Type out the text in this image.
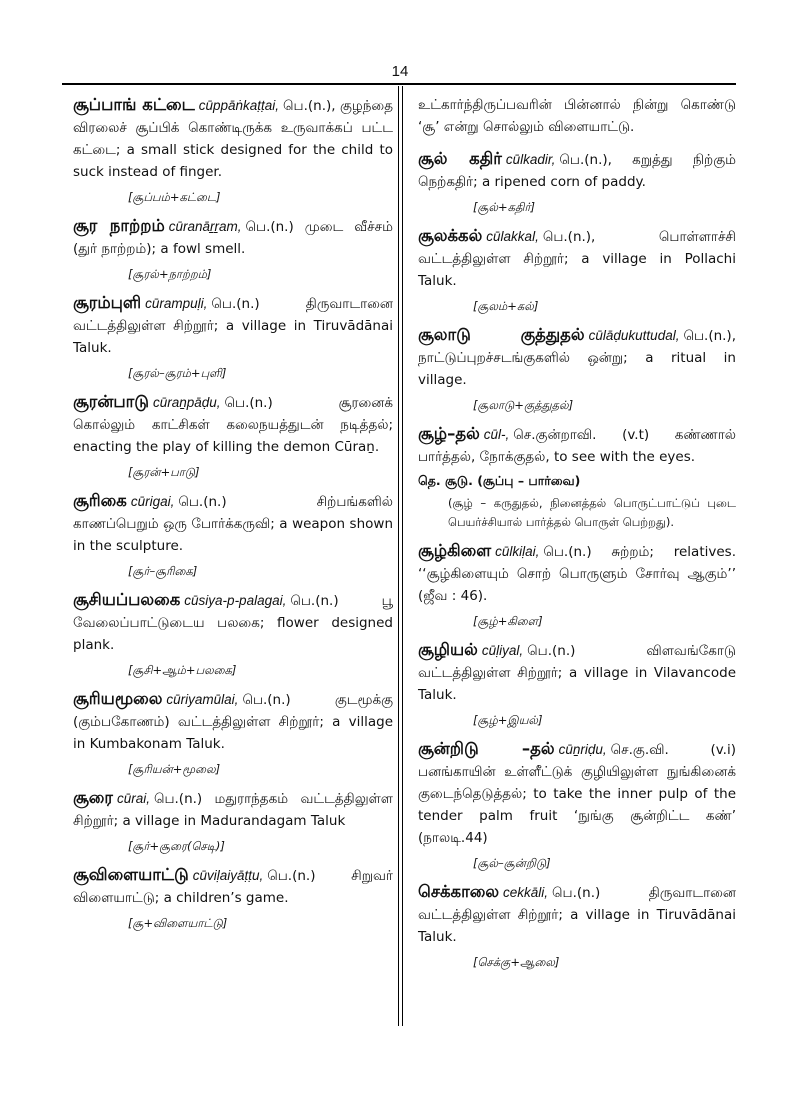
14
சூப்பாங் கட்டை cūppāṅkaṭṭai, பெ.(n.), குழந்தை விரலைச் சூப்பிக் கொண்டிருக்க உருவாக்கப் பட்ட கட்டை; a small stick designed for the child to suck instead of finger.
[சூப்பம்+கட்டை]
சூர நாற்றம் cūranāṟṟam, பெ.(n.) முடை வீச்சம் (துர் நாற்றம்); a fowl smell.
[சூரல்+நாற்றம்]
சூரம்புளி cūrampuḷi, பெ.(n.) திருவாடானை வட்டத்திலுள்ள சிற்றூர்; a village in Tiruvādānai Taluk.
[சூரல்–சூரம்+புளி]
சூரன்பாடு cūraṉpāḍu, பெ.(n.) சூரனைக் கொல்லும் காட்சிகள் கலைநயத்துடன் நடித்தல்; enacting the play of killing the demon Cūraṉ.
[சூரன்+பாடு]
சூரிகை cūrigai, பெ.(n.) சிற்பங்களில் காணப்பெறும் ஒரு போர்க்கருவி; a weapon shown in the sculpture.
[சூர்–சூரிகை]
சூசியப்பலகை cūsiya-p-palagai, பெ.(n.) பூ வேலைப்பாட்டுடைய பலகை; flower designed plank.
[சூசி+ஆம்+பலகை]
சூரியமூலை cūriyamūlai, பெ.(n.) குடமூக்கு (கும்பகோணம்) வட்டத்திலுள்ள சிற்றூர்; a village in Kumbakonam Taluk.
[சூரியன்+மூலை]
சூரை cūrai, பெ.(n.) மதுராந்தகம் வட்டத்திலுள்ள சிற்றூர்; a village in Madurandagam Taluk
[சூர்+சூரை(செடி)]
சூவிளையாட்டு cūviḷaiyāṭṭu, பெ.(n.) சிறுவர் விளையாட்டு; a children’s game.
[சூ+விளையாட்டு]
உட்கார்ந்திருப்பவரின் பின்னால் நின்று கொண்டு ‘சூ’ என்று சொல்லும் விளையாட்டு.
சூல் கதிர் cūlkadir, பெ.(n.), கறுத்து நிற்கும் நெற்கதிர்; a ripened corn of paddy.
[சூல்+கதிர்]
சூலக்கல் cūlakkal, பெ.(n.), பொள்ளாச்சி வட்டத்திலுள்ள சிற்றூர்; a village in Pollachi Taluk.
[சூலம்+கல்]
சூலாடு குத்துதல் cūlāḍukuttudal, பெ.(n.), நாட்டுப்புறச்சடங்குகளில் ஒன்று; a ritual in village.
[சூலாடு+குத்துதல்]
சூழ்–தல் cūl-, செ.குன்றாவி. (v.t) கண்ணால் பார்த்தல், நோக்குதல், to see with the eyes.
தெ. சூடு. (சூப்பு – பார்வை)
(சூழ் – கருதுதல், நினைத்தல் பொருட்பாட்டுப் புடை பெயர்ச்சியால் பார்த்தல் பொருள் பெற்றது).
சூழ்கிளை cūlkiḷai, பெ.(n.) சுற்றம்; relatives. ‘‘சூழ்கிளையும் சொற் பொருளும் சோர்வு ஆகும்’’ (ஜீவ : 46).
[சூழ்+கிளை]
சூழியல் cūḷiyal, பெ.(n.) விளவங்கோடு வட்டத்திலுள்ள சிற்றூர்; a village in Vilavancode Taluk.
[சூழ்+இயல்]
சூன்றிடு –தல் cūṉriḍu, செ.கு.வி. (v.i) பனங்காயின் உள்ளீட்டுக் குழியிலுள்ள நுங்கினைக் குடைந்தெடுத்தல்; to take the inner pulp of the tender palm fruit ‘நுங்கு சூன்றிட்ட கண்’ (நாலடி.44)
[சூல்–சூன்றிடு]
செக்காலை cekkāli, பெ.(n.) திருவாடானை வட்டத்திலுள்ள சிற்றூர்; a village in Tiruvādānai Taluk.
[செக்கு+ஆலை]
